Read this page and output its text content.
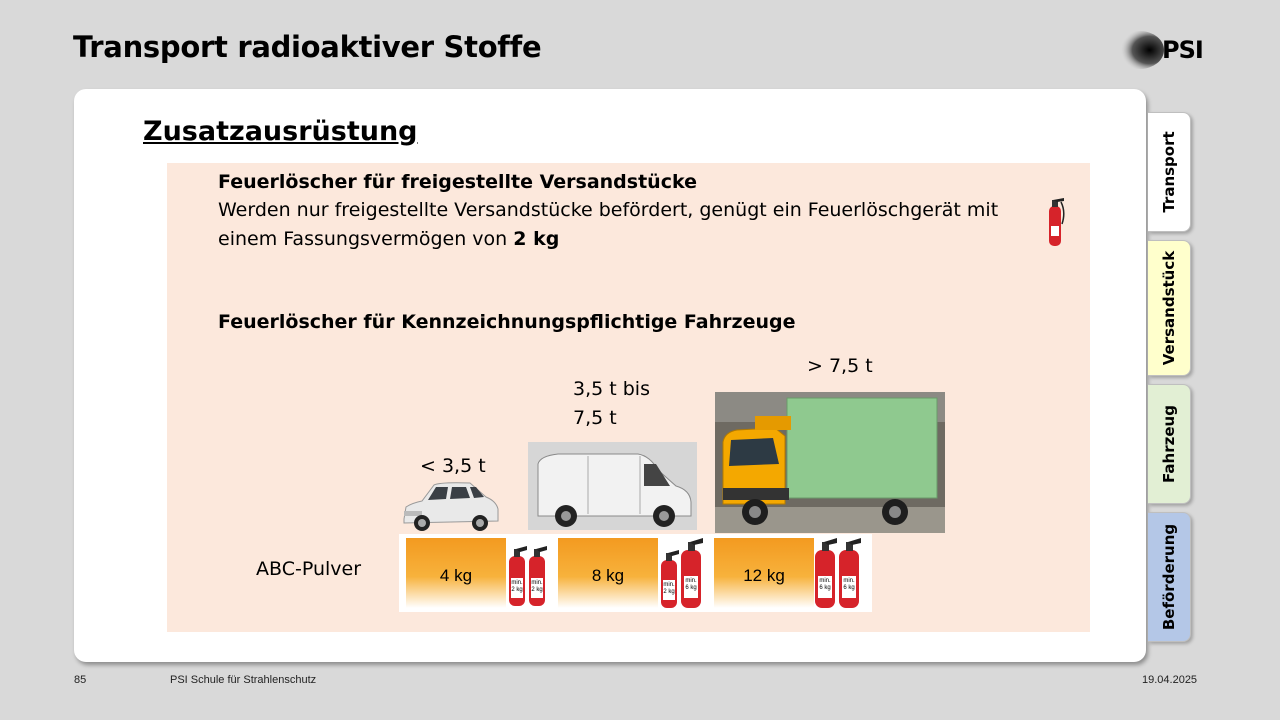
Transport radioaktiver Stoffe	PSI
Zusatzausrüstung
Feuerlöscher für freigestellte Versandstücke
Werden nur freigestellte Versandstücke befördert, genügt ein Feuerlöschgerät mit
einem Fassungsvermögen von 2 kg
Feuerlöscher für Kennzeichnungspflichtige Fahrzeuge
> 7,5 t
3,5 t bis
7,5 t
< 3,5 t
ABC-Pulver	4 kg	8 kg	12 kg
min.
2 kg
min.
2 kg
min.
2 kg
min.
6 kg
min.
6 kg
min.
6 kg
Transport
Versandstück
Fahrzeug
Beförderung
85	PSI Schule für Strahlenschutz	19.04.2025
